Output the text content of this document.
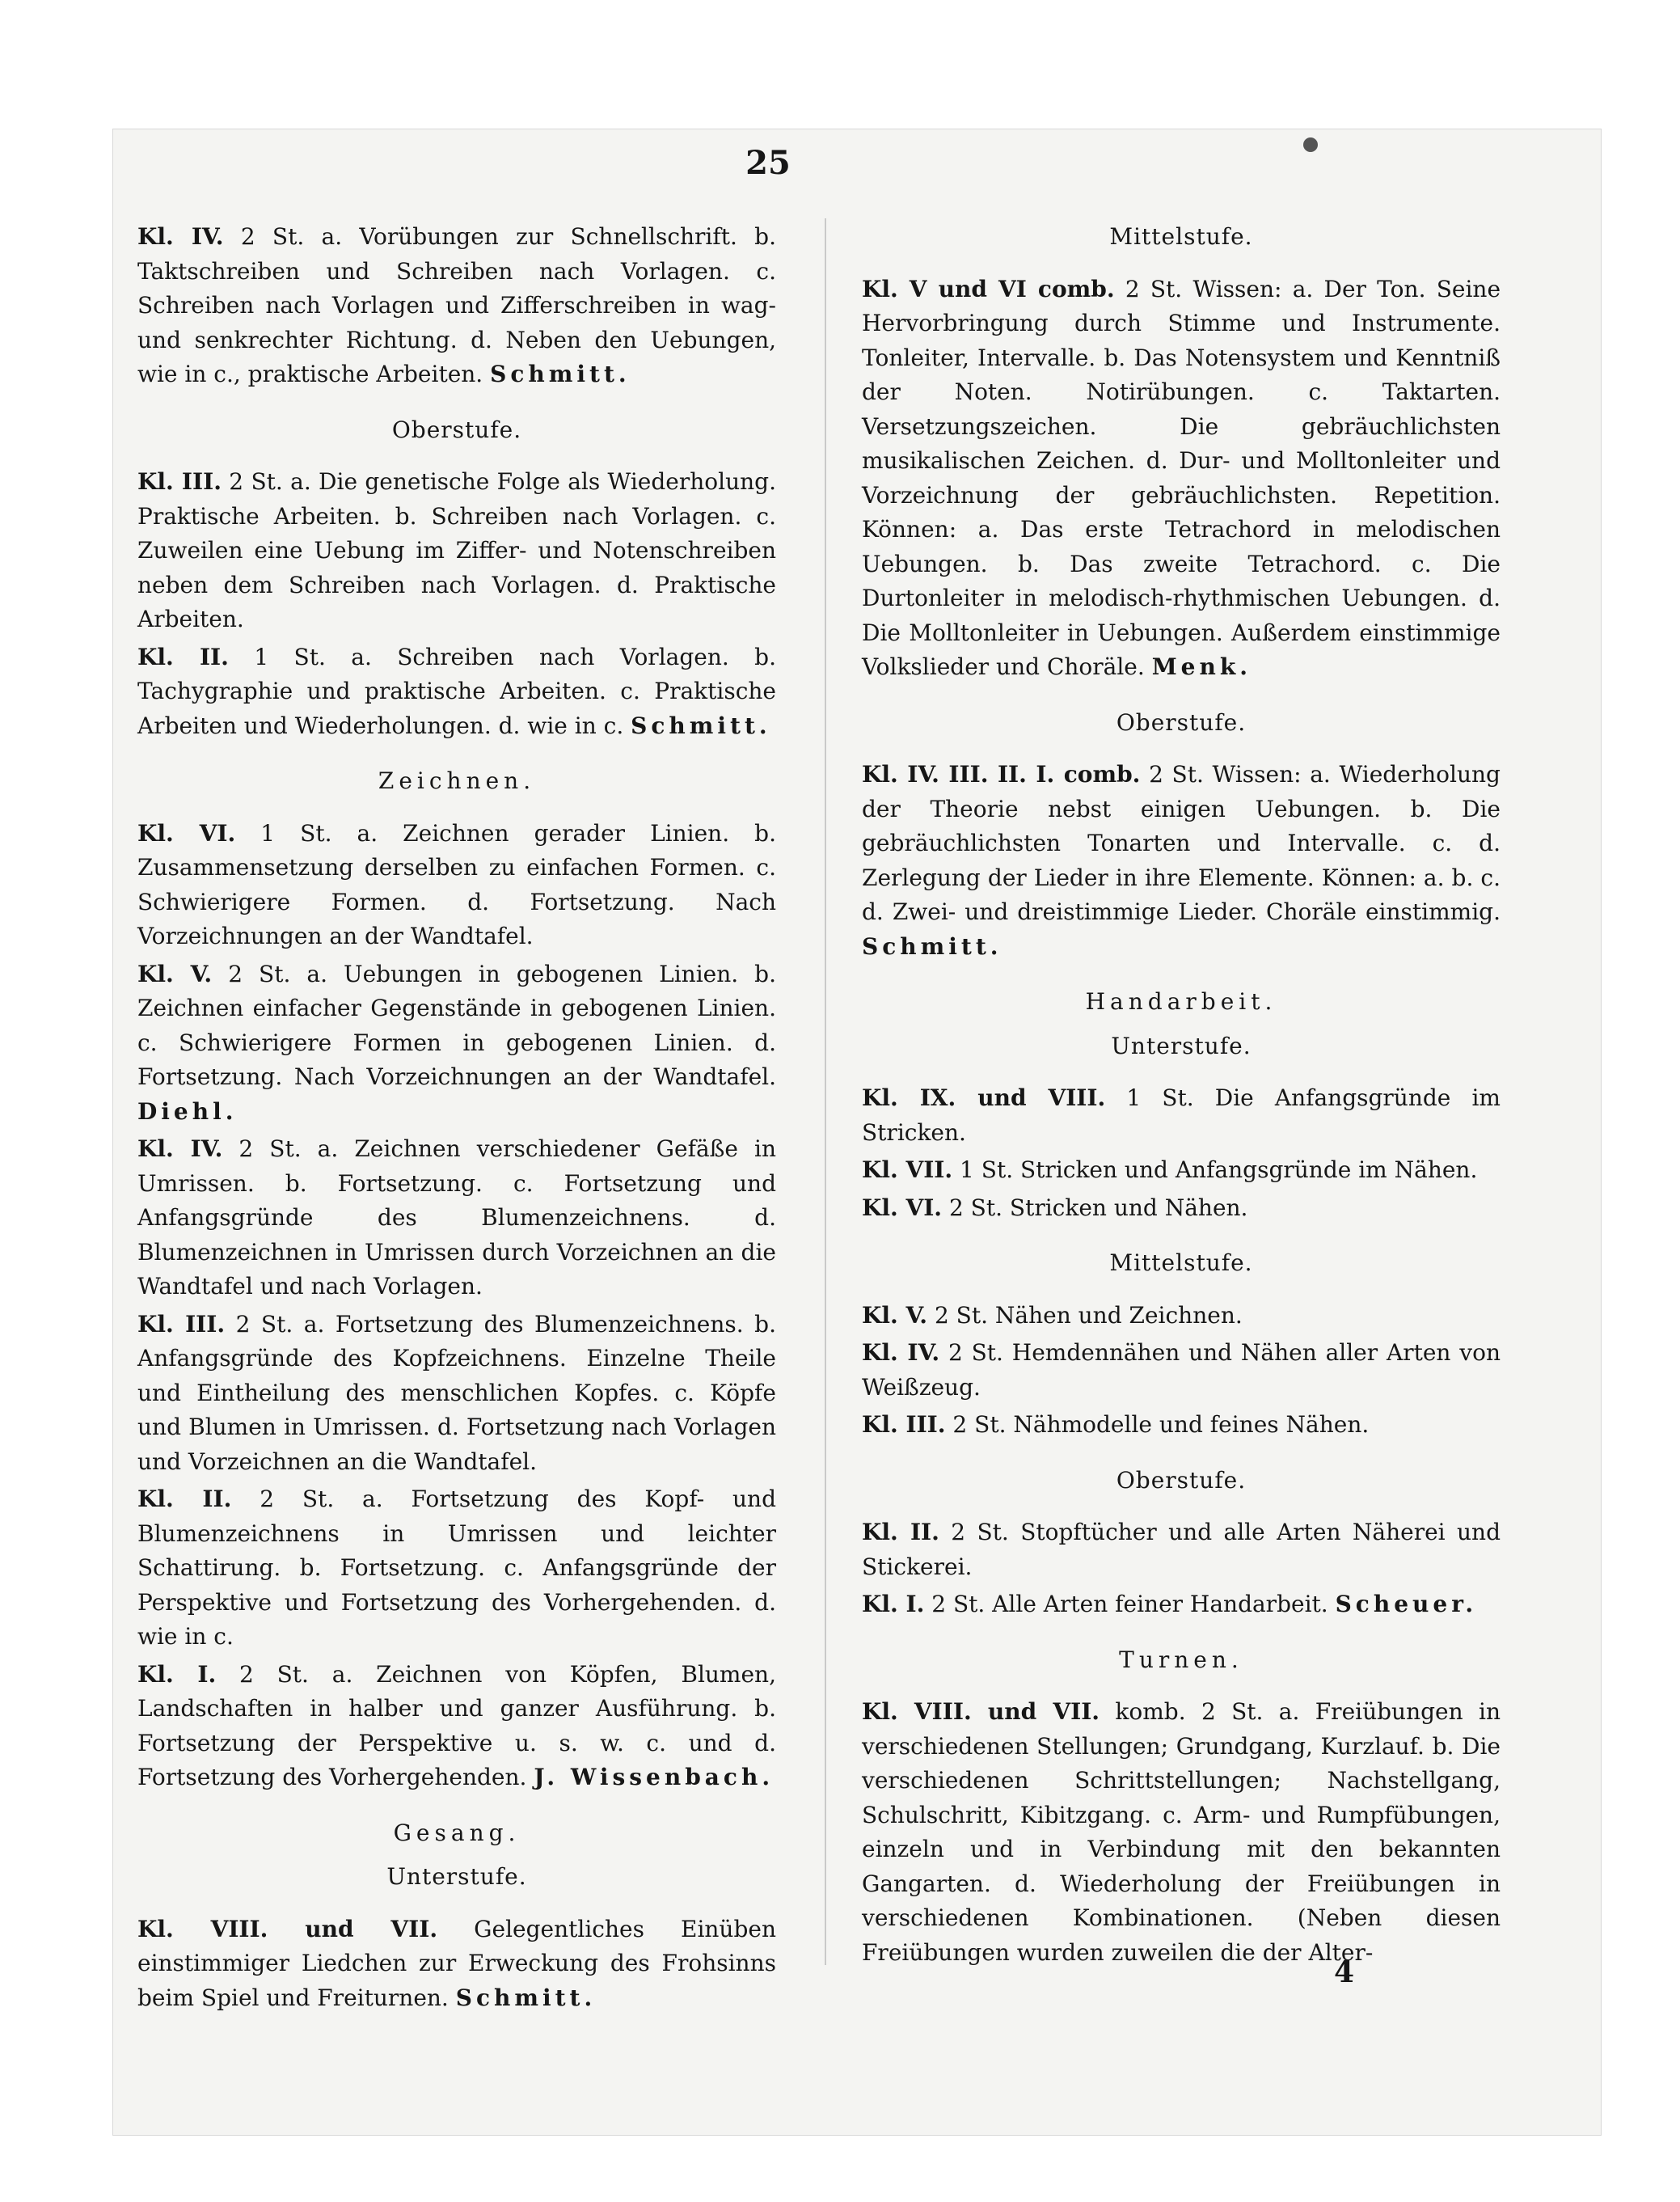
25

Kl. IV. 2 St. a. Vorübungen zur Schnellschrift. b. Taktschreiben und Schreiben nach Vorlagen. c. Schreiben nach Vorlagen und Zifferschreiben in wag- und senkrechter Richtung. d. Neben den Uebungen, wie in c., praktische Arbeiten. Schmitt.

Oberstufe.

Kl. III. 2 St. a. Die genetische Folge als Wiederholung. Praktische Arbeiten. b. Schreiben nach Vorlagen. c. Zuweilen eine Uebung im Ziffer- und Notenschreiben neben dem Schreiben nach Vorlagen. d. Praktische Arbeiten.

Kl. II. 1 St. a. Schreiben nach Vorlagen. b. Tachygraphie und praktische Arbeiten. c. Praktische Arbeiten und Wiederholungen. d. wie in c. Schmitt.

Zeichnen.

Kl. VI. 1 St. a. Zeichnen gerader Linien. b. Zusammensetzung derselben zu einfachen Formen. c. Schwierigere Formen. d. Fortsetzung. Nach Vorzeichnungen an der Wandtafel.

Kl. V. 2 St. a. Uebungen in gebogenen Linien. b. Zeichnen einfacher Gegenstände in gebogenen Linien. c. Schwierigere Formen in gebogenen Linien. d. Fortsetzung. Nach Vorzeichnungen an der Wandtafel. Diehl.

Kl. IV. 2 St. a. Zeichnen verschiedener Gefäße in Umrissen. b. Fortsetzung. c. Fortsetzung und Anfangsgründe des Blumenzeichnens. d. Blumenzeichnen in Umrissen durch Vorzeichnen an die Wandtafel und nach Vorlagen.

Kl. III. 2 St. a. Fortsetzung des Blumenzeichnens. b. Anfangsgründe des Kopfzeichnens. Einzelne Theile und Eintheilung des menschlichen Kopfes. c. Köpfe und Blumen in Umrissen. d. Fortsetzung nach Vorlagen und Vorzeichnen an die Wandtafel.

Kl. II. 2 St. a. Fortsetzung des Kopf- und Blumenzeichnens in Umrissen und leichter Schattirung. b. Fortsetzung. c. Anfangsgründe der Perspektive und Fortsetzung des Vorhergehenden. d. wie in c.

Kl. I. 2 St. a. Zeichnen von Köpfen, Blumen, Landschaften in halber und ganzer Ausführung. b. Fortsetzung der Perspektive u. s. w. c. und d. Fortsetzung des Vorhergehenden. J. Wissenbach.

Gesang.
Unterstufe.

Kl. VIII. und VII. Gelegentliches Einüben einstimmiger Liedchen zur Erweckung des Frohsinns beim Spiel und Freiturnen. Schmitt.

Mittelstufe.

Kl. V und VI comb. 2 St. Wissen: a. Der Ton. Seine Hervorbringung durch Stimme und Instrumente. Tonleiter, Intervalle. b. Das Notensystem und Kenntniß der Noten. Notirübungen. c. Taktarten. Versetzungszeichen. Die gebräuchlichsten musikalischen Zeichen. d. Dur- und Molltonleiter und Vorzeichnung der gebräuchlichsten. Repetition. Können: a. Das erste Tetrachord in melodischen Uebungen. b. Das zweite Tetrachord. c. Die Durtonleiter in melodisch-rhythmischen Uebungen. d. Die Molltonleiter in Uebungen. Außerdem einstimmige Volkslieder und Choräle. Menk.

Oberstufe.

Kl. IV. III. II. I. comb. 2 St. Wissen: a. Wiederholung der Theorie nebst einigen Uebungen. b. Die gebräuchlichsten Tonarten und Intervalle. c. d. Zerlegung der Lieder in ihre Elemente. Können: a. b. c. d. Zwei- und dreistimmige Lieder. Choräle einstimmig. Schmitt.

Handarbeit.
Unterstufe.

Kl. IX. und VIII. 1 St. Die Anfangsgründe im Stricken.

Kl. VII. 1 St. Stricken und Anfangsgründe im Nähen.

Kl. VI. 2 St. Stricken und Nähen.

Mittelstufe.

Kl. V. 2 St. Nähen und Zeichnen.

Kl. IV. 2 St. Hemdennähen und Nähen aller Arten von Weißzeug.

Kl. III. 2 St. Nähmodelle und feines Nähen.

Oberstufe.

Kl. II. 2 St. Stopftücher und alle Arten Näherei und Stickerei.

Kl. I. 2 St. Alle Arten feiner Handarbeit. Scheuer.

Turnen.

Kl. VIII. und VII. komb. 2 St. a. Freiübungen in verschiedenen Stellungen; Grundgang, Kurzlauf. b. Die verschiedenen Schrittstellungen; Nachstellgang, Schulschritt, Kibitzgang. c. Arm- und Rumpfübungen, einzeln und in Verbindung mit den bekannten Gangarten. d. Wiederholung der Freiübungen in verschiedenen Kombinationen. (Neben diesen Freiübungen wurden zuweilen die der Alter-

4
